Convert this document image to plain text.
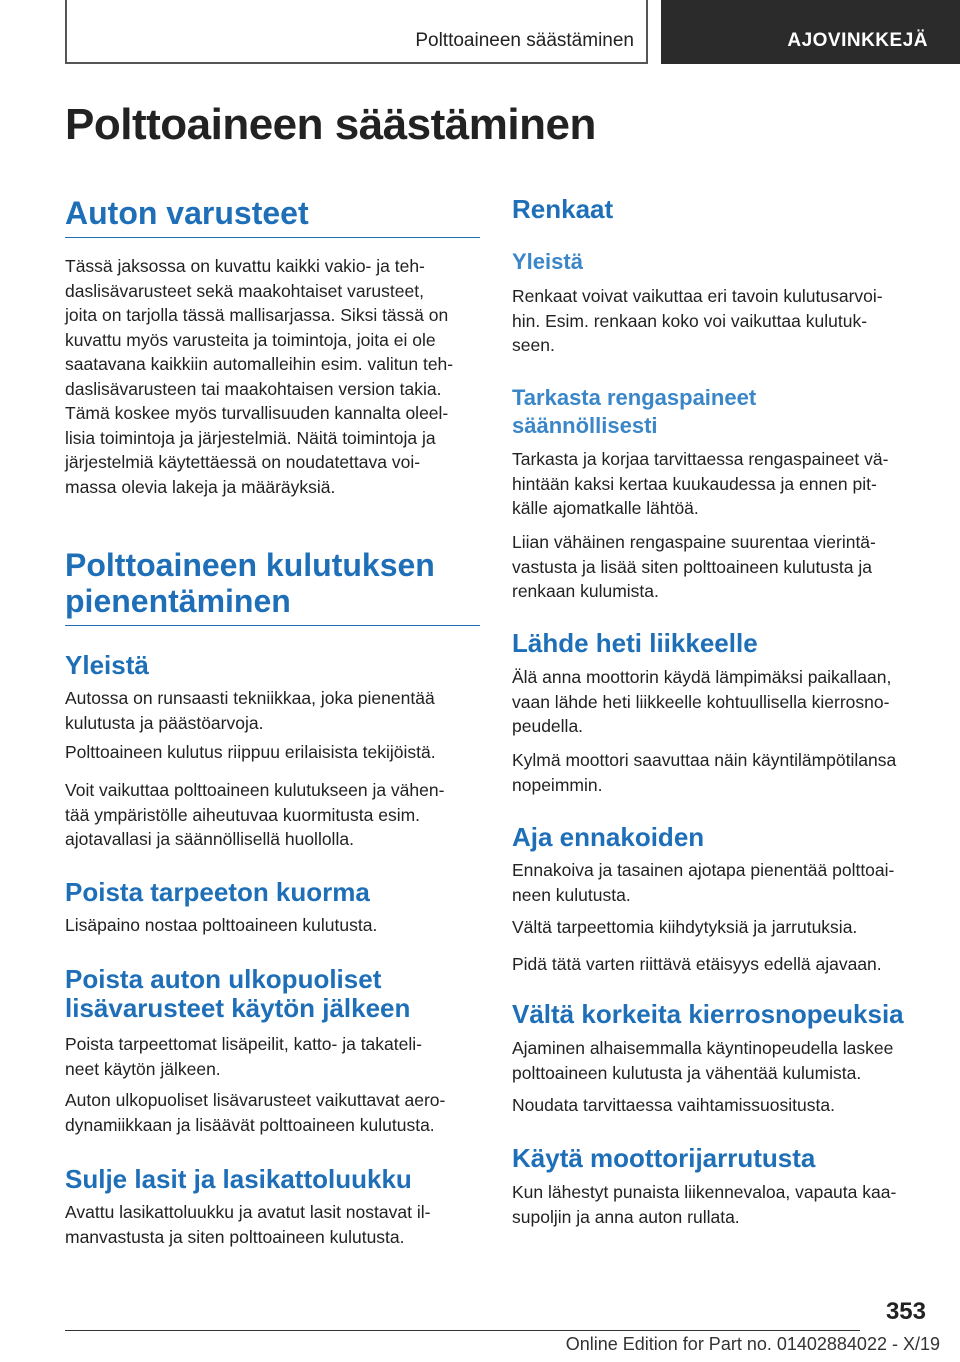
Polttoaineen säästäminen	AJOVINKKEJÄ
Polttoaineen säästäminen
Auton varusteet
Tässä jaksossa on kuvattu kaikki vakio- ja teh-
daslisävarusteet sekä maakohtaiset varusteet,
joita on tarjolla tässä mallisarjassa. Siksi tässä on
kuvattu myös varusteita ja toimintoja, joita ei ole
saatavana kaikkiin automalleihin esim. valitun teh-
daslisävarusteen tai maakohtaisen version takia.
Tämä koskee myös turvallisuuden kannalta oleel-
lisia toimintoja ja järjestelmiä. Näitä toimintoja ja
järjestelmiä käytettäessä on noudatettava voi-
massa olevia lakeja ja määräyksiä.
Polttoaineen kulutuksen
pienentäminen
Yleistä
Autossa on runsaasti tekniikkaa, joka pienentää
kulutusta ja päästöarvoja.
Polttoaineen kulutus riippuu erilaisista tekijöistä.
Voit vaikuttaa polttoaineen kulutukseen ja vähen-
tää ympäristölle aiheutuvaa kuormitusta esim.
ajotavallasi ja säännöllisellä huollolla.
Poista tarpeeton kuorma
Lisäpaino nostaa polttoaineen kulutusta.
Poista auton ulkopuoliset
lisävarusteet käytön jälkeen
Poista tarpeettomat lisäpeilit, katto- ja takateli-
neet käytön jälkeen.
Auton ulkopuoliset lisävarusteet vaikuttavat aero-
dynamiikkaan ja lisäävät polttoaineen kulutusta.
Sulje lasit ja lasikattoluukku
Avattu lasikattoluukku ja avatut lasit nostavat il-
manvastusta ja siten polttoaineen kulutusta.
Renkaat
Yleistä
Renkaat voivat vaikuttaa eri tavoin kulutusarvoi-
hin. Esim. renkaan koko voi vaikuttaa kulutuk-
seen.
Tarkasta rengaspaineet
säännöllisesti
Tarkasta ja korjaa tarvittaessa rengaspaineet vä-
hintään kaksi kertaa kuukaudessa ja ennen pit-
källe ajomatkalle lähtöä.
Liian vähäinen rengaspaine suurentaa vierintä-
vastusta ja lisää siten polttoaineen kulutusta ja
renkaan kulumista.
Lähde heti liikkeelle
Älä anna moottorin käydä lämpimäksi paikallaan,
vaan lähde heti liikkeelle kohtuullisella kierrosno-
peudella.
Kylmä moottori saavuttaa näin käyntilämpötilansa
nopeimmin.
Aja ennakoiden
Ennakoiva ja tasainen ajotapa pienentää polttoai-
neen kulutusta.
Vältä tarpeettomia kiihdytyksiä ja jarrutuksia.
Pidä tätä varten riittävä etäisyys edellä ajavaan.
Vältä korkeita kierrosnopeuksia
Ajaminen alhaisemmalla käyntinopeudella laskee
polttoaineen kulutusta ja vähentää kulumista.
Noudata tarvittaessa vaihtamissuositusta.
Käytä moottorijarrutusta
Kun lähestyt punaista liikennevaloa, vapauta kaa-
supoljin ja anna auton rullata.
353
Online Edition for Part no. 01402884022 - X/19
